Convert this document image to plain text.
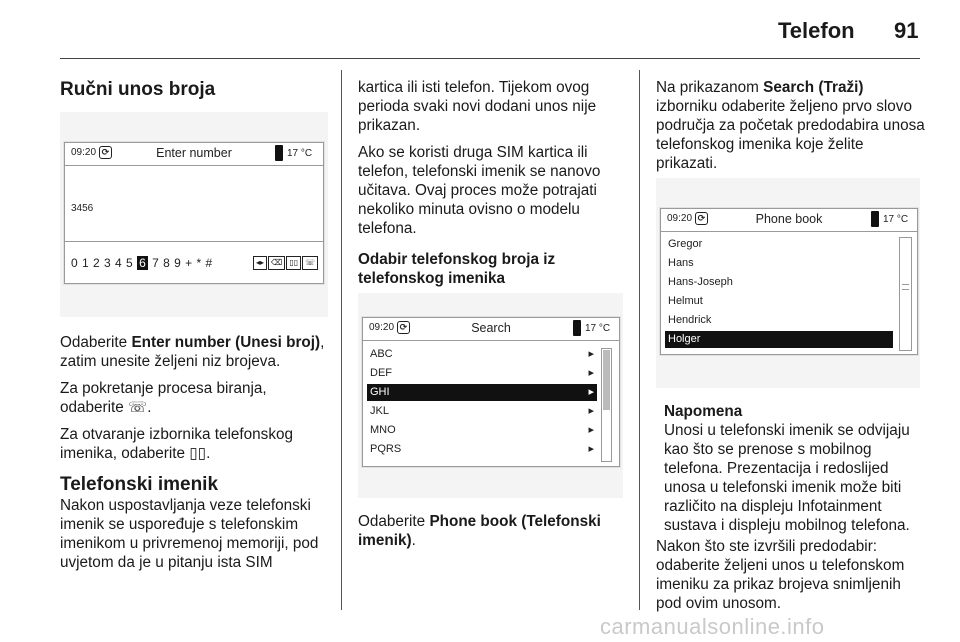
Telefon 91
Ručni unos broja
09:20 ⟳	Enter number	17 °C
3456
0 1 2 3 4 5 6 7 8 9 + * #	◂▸ ⌫ ▯▯ ☏

Odaberite Enter number (Unesi broj), zatim unesite željeni niz brojeva.

Za pokretanje procesa biranja, odaberite ☏.

Za otvaranje izbornika telefonskog imenika, odaberite ▯▯.

Telefonski imenik

Nakon uspostavljanja veze telefonski imenik se uspoređuje s telefonskim imenikom u privremenoj memoriji, pod uvjetom da je u pitanju ista SIM

kartica ili isti telefon. Tijekom ovog perioda svaki novi dodani unos nije prikazan.

Ako se koristi druga SIM kartica ili telefon, telefonski imenik se nanovo učitava. Ovaj proces može potrajati nekoliko minuta ovisno o modelu telefona.

Odabir telefonskog broja iz telefonskog imenika
09:20 ⟳	Search	17 °C
ABC	▸
DEF	▸
GHI	▸
JKL	▸
MNO	▸
PQRS	▸

Odaberite Phone book (Telefonski imenik).

Na prikazanom Search (Traži) izborniku odaberite željeno prvo slovo područja za početak predodabira unosa telefonskog imenika koje želite prikazati.

09:20 ⟳	Phone book	17 °C
Gregor
Hans
Hans-Joseph
Helmut
Hendrick
Holger
Napomena

Unosi u telefonski imenik se odvijaju kao što se prenose s mobilnog telefona. Prezentacija i redoslijed unosa u telefonski imenik može biti različito na displeju Infotainment sustava i displeju mobilnog telefona.

Nakon što ste izvršili predodabir: odaberite željeni unos u telefonskom imeniku za prikaz brojeva snimljenih pod ovim unosom.

carmanualsonline.info
